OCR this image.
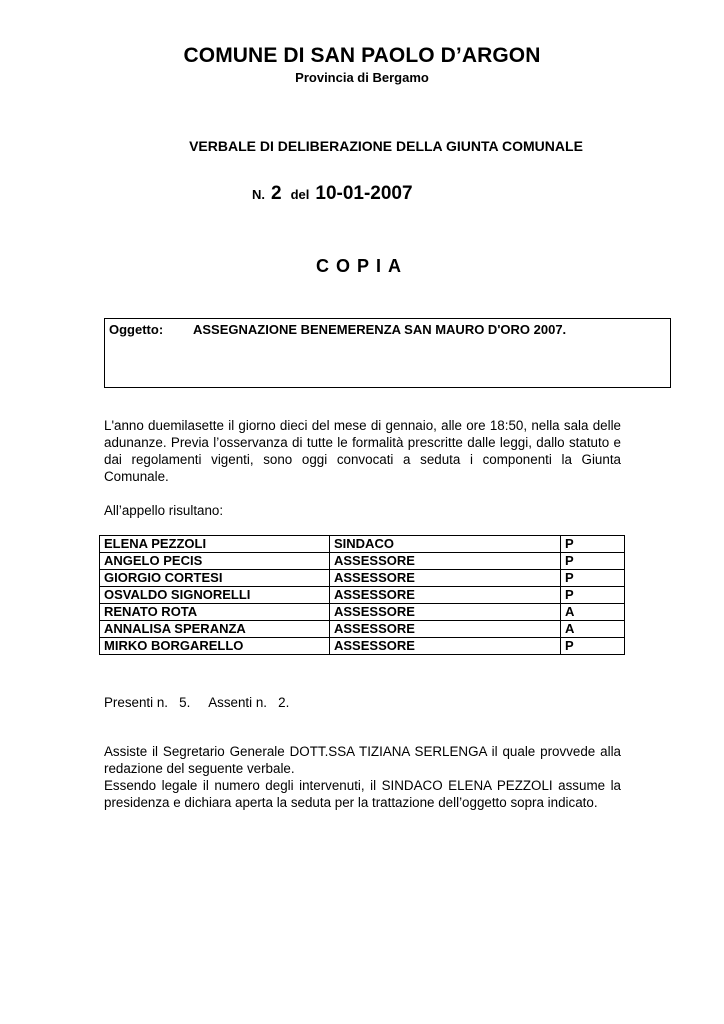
COMUNE DI SAN PAOLO D’ARGON
Provincia di Bergamo
VERBALE DI DELIBERAZIONE DELLA GIUNTA COMUNALE
N. 2 del 10-01-2007
COPIA
Oggetto: ASSEGNAZIONE BENEMERENZA SAN MAURO D'ORO 2007.

L'anno duemilasette il giorno dieci del mese di gennaio, alle ore 18:50, nella sala delle adunanze. Previa l’osservanza di tutte le formalità prescritte dalle leggi, dallo statuto e dai regolamenti vigenti, sono oggi convocati a seduta i componenti la Giunta Comunale.

All’appello risultano:
ELENA PEZZOLI	SINDACO	P
ANGELO PECIS	ASSESSORE	P
GIORGIO CORTESI	ASSESSORE	P
OSVALDO SIGNORELLI	ASSESSORE	P
RENATO ROTA	ASSESSORE	A
ANNALISA SPERANZA	ASSESSORE	A
MIRKO BORGARELLO	ASSESSORE	P
Presenti n.   5.     Assenti n.   2.

Assiste il Segretario Generale DOTT.SSA TIZIANA SERLENGA il quale provvede alla redazione del seguente verbale.

Essendo legale il numero degli intervenuti, il SINDACO ELENA PEZZOLI assume la presidenza e dichiara aperta la seduta per la trattazione dell’oggetto sopra indicato.
